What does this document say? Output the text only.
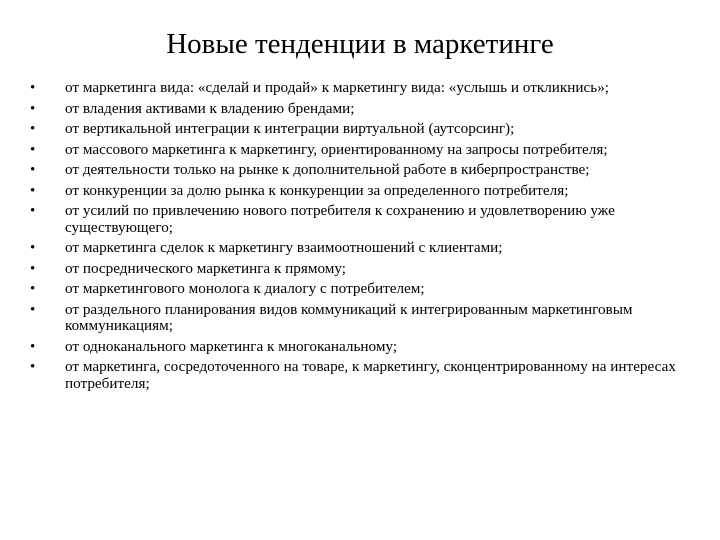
Новые тенденции в маркетинге
• от маркетинга вида: «сделай и продай» к маркетингу вида: «услышь и откликнись»;
• от владения активами к владению брендами;
• от вертикальной интеграции к интеграции виртуальной (аутсорсинг);
• от массового маркетинга к маркетингу, ориентированному на запросы потребителя;
• от деятельности только на рынке к дополнительной работе в киберпространстве;
• от конкуренции за долю рынка к конкуренции за определенного потребителя;
• от усилий по привлечению нового потребителя к сохранению и удовлетворению уже существующего;
• от маркетинга сделок к маркетингу взаимоотношений с клиентами;
• от посреднического маркетинга к прямому;
• от маркетингового монолога к диалогу с потребителем;
• от раздельного планирования видов коммуникаций к интегрированным маркетинговым коммуникациям;
• от одноканального маркетинга к многоканальному;
• от маркетинга, сосредоточенного на товаре, к маркетингу, сконцентрированному на интересах потребителя;
